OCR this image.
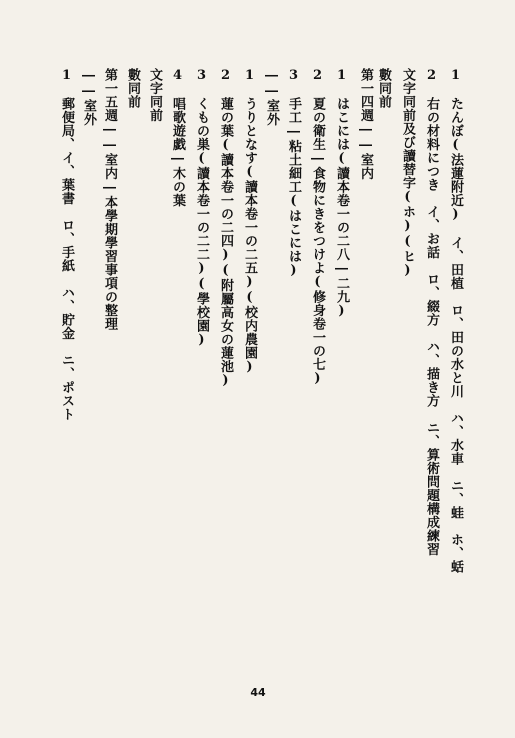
1　たんぼ(法蓮附近)　イ、田植　ロ、田の水と川　ハ、水車　ニ、蛙　ホ、蛞
2　右の材料につき　イ、お話　ロ、綴方　ハ、描き方　ニ、算術問題構成練習
文字同前及び讀替字(ホ)(ヒ)
數同前
第一四週――室内
1　はこには(讀本卷一の二八―二九)
2　夏の衛生―食物にきをつけよ(修身卷一の七)
3　手工―粘土細工(はこには)
――室外
1　うりとなす(讀本卷一の二五)(校内農園)
2　蓮の葉(讀本卷一の二四)(附屬高女の蓮池)
3　くもの巣(讀本卷一の二二)(學校園)
4　唱歌遊戯―木の葉
文字同前
數同前
第一五週――室内―本學期學習事項の整理
――室外
1　郵便局、イ、葉書　ロ、手紙　ハ、貯金　ニ、ポスト
44
